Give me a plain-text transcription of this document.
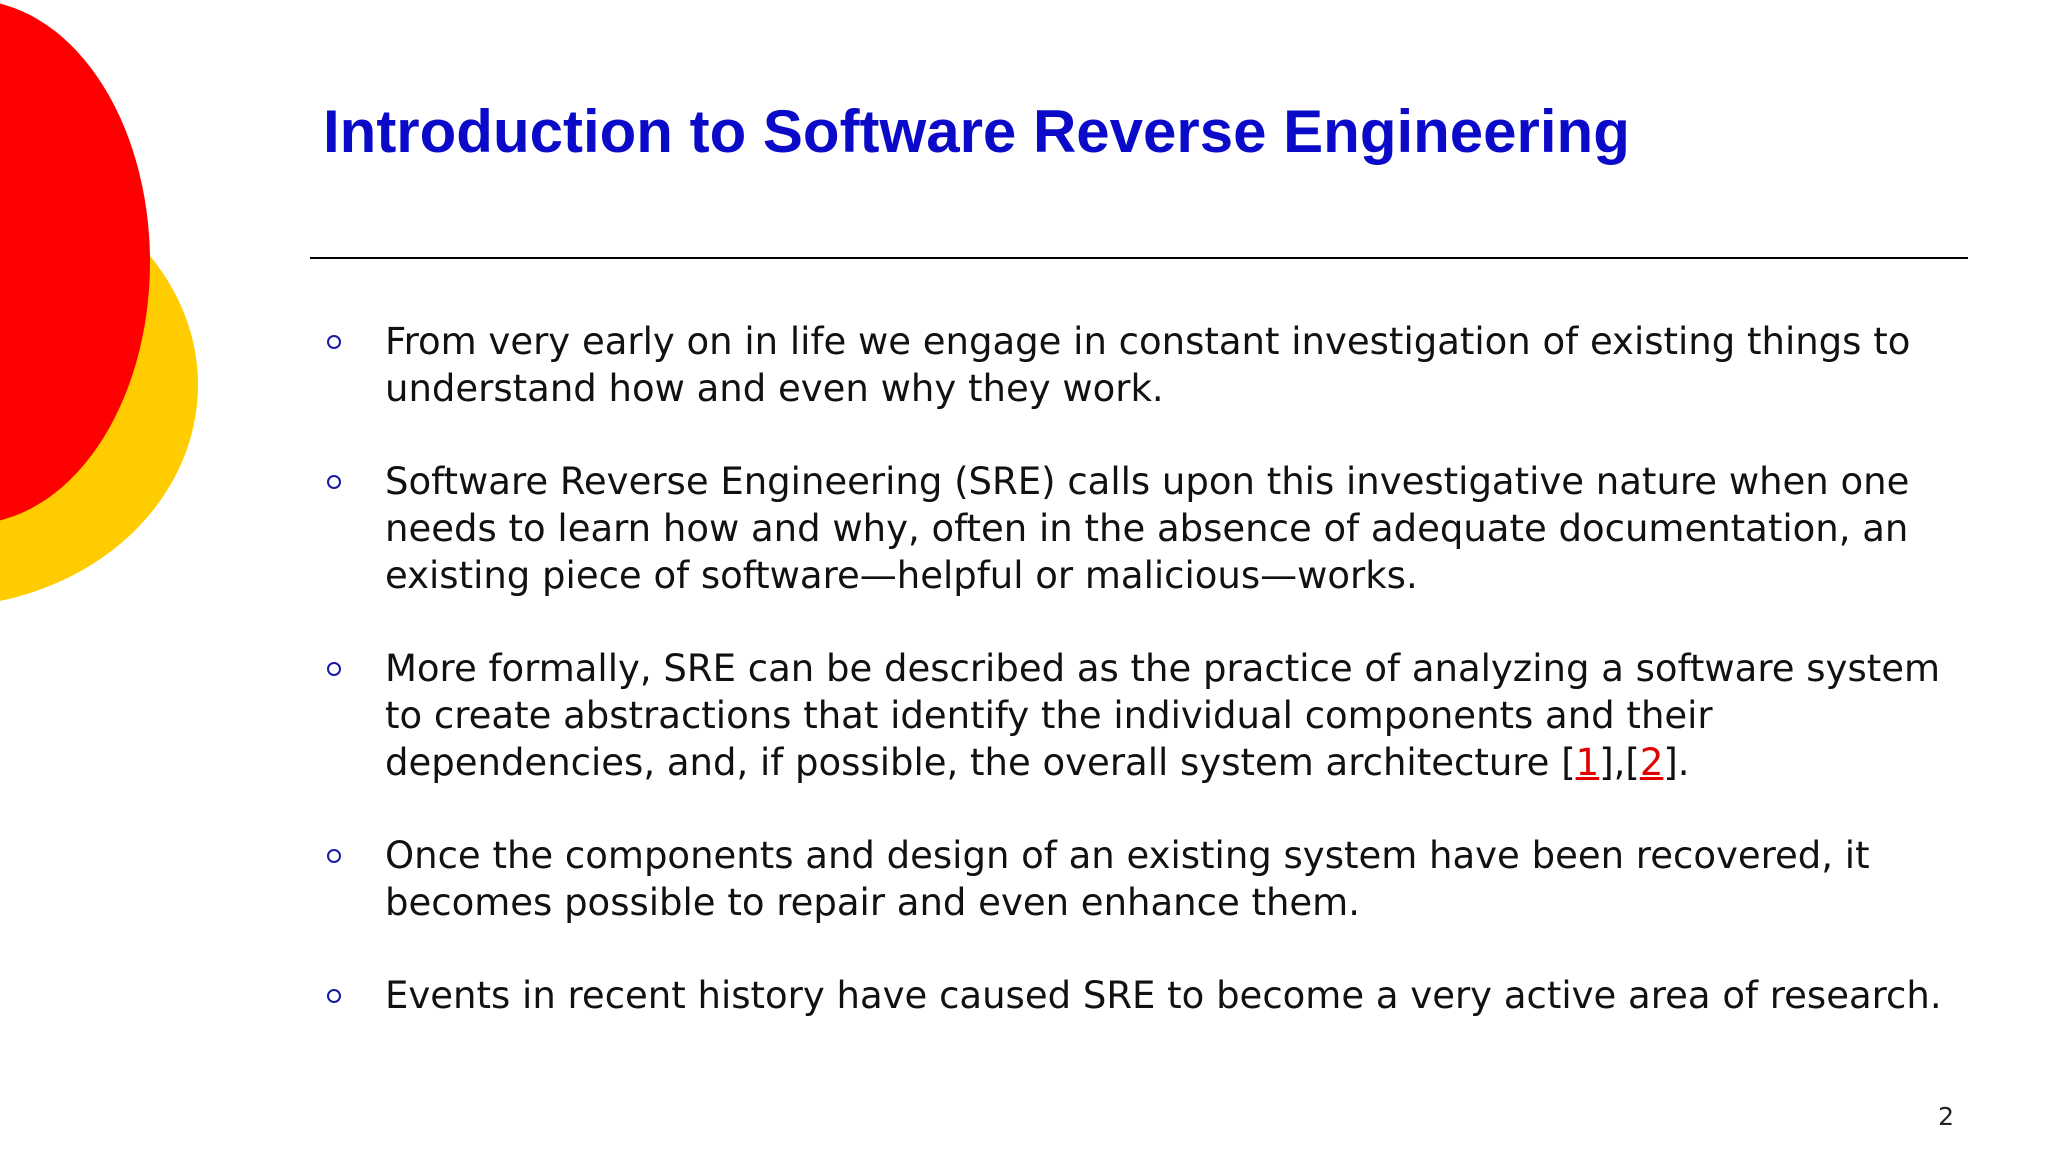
Introduction to Software Reverse Engineering
From very early on in life we engage in constant investigation of existing things to understand how and even why they work.
Software Reverse Engineering (SRE) calls upon this investigative nature when one needs to learn how and why, often in the absence of adequate documentation, an existing piece of software—helpful or malicious—works.
More formally, SRE can be described as the practice of analyzing a software system to create abstractions that identify the individual components and their dependencies, and, if possible, the overall system architecture [1],[2].
Once the components and design of an existing system have been recovered, it becomes possible to repair and even enhance them.
Events in recent history have caused SRE to become a very active area of research.
2
